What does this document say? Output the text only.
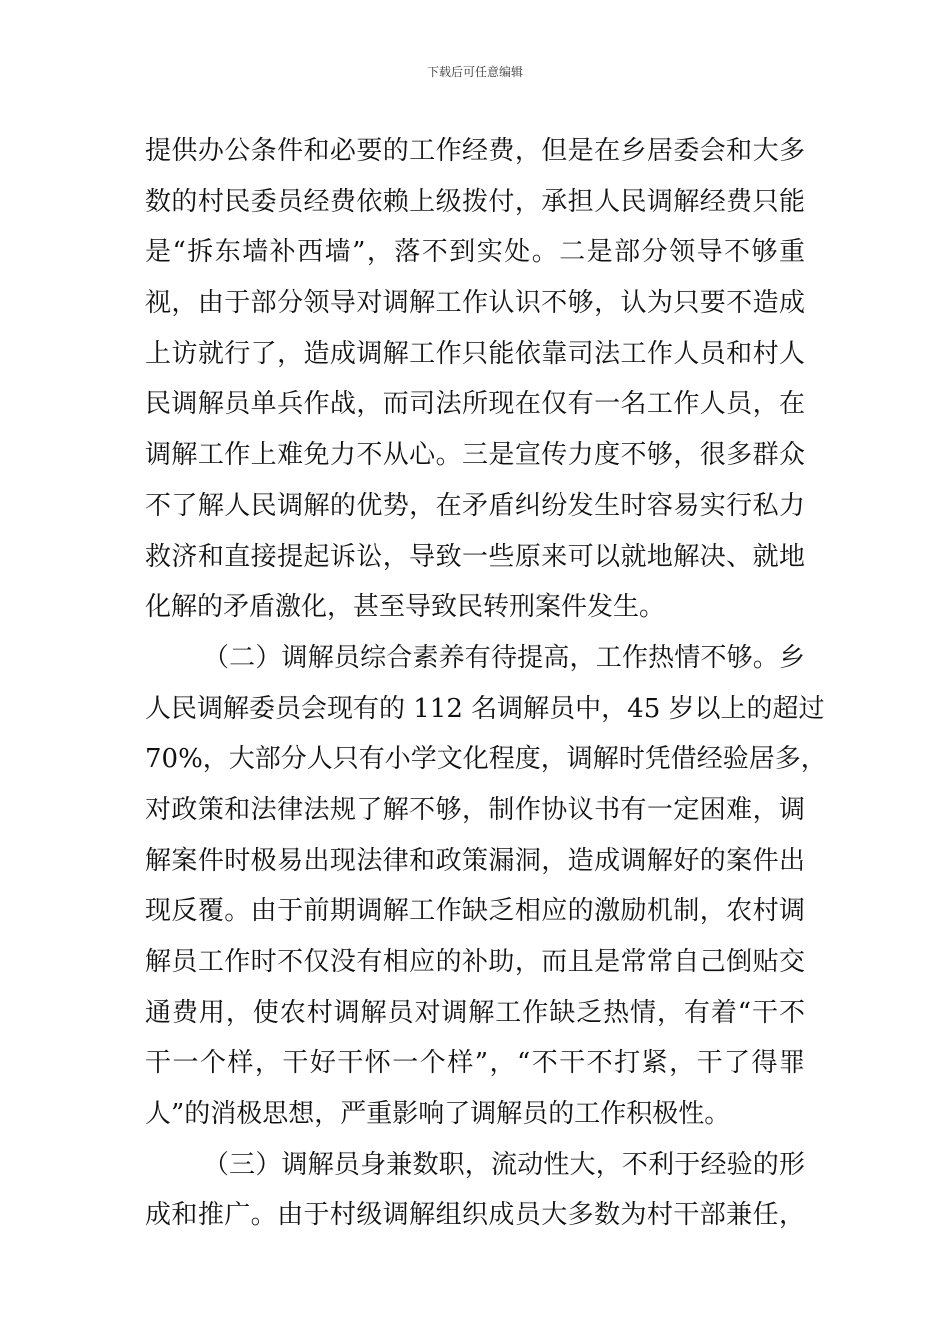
下载后可任意编辑
提供办公条件和必要的工作经费，但是在乡居委会和大多
数的村民委员经费依赖上级拨付，承担人民调解经费只能
是“拆东墙补西墙”，落不到实处。二是部分领导不够重
视，由于部分领导对调解工作认识不够，认为只要不造成
上访就行了，造成调解工作只能依靠司法工作人员和村人
民调解员单兵作战，而司法所现在仅有一名工作人员，在
调解工作上难免力不从心。三是宣传力度不够，很多群众
不了解人民调解的优势，在矛盾纠纷发生时容易实行私力
救济和直接提起诉讼，导致一些原来可以就地解决、就地
化解的矛盾激化，甚至导致民转刑案件发生。
（二）调解员综合素养有待提高，工作热情不够。乡
人民调解委员会现有的 112 名调解员中，45 岁以上的超过
70%，大部分人只有小学文化程度，调解时凭借经验居多，
对政策和法律法规了解不够，制作协议书有一定困难，调
解案件时极易出现法律和政策漏洞，造成调解好的案件出
现反覆。由于前期调解工作缺乏相应的激励机制，农村调
解员工作时不仅没有相应的补助，而且是常常自己倒贴交
通费用，使农村调解员对调解工作缺乏热情，有着“干不
干一个样，干好干怀一个样”，“不干不打紧，干了得罪
人”的消极思想，严重影响了调解员的工作积极性。
（三）调解员身兼数职，流动性大，不利于经验的形
成和推广。由于村级调解组织成员大多数为村干部兼任，
